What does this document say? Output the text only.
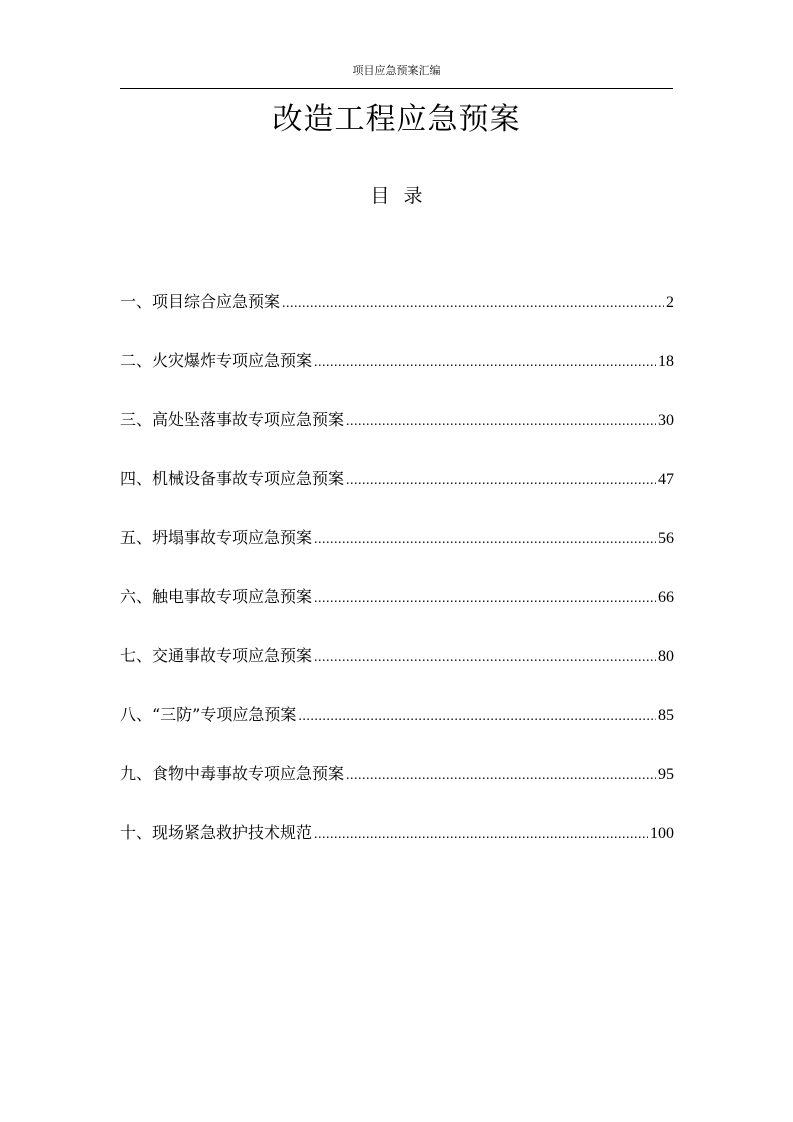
项目应急预案汇编
改造工程应急预案
目录
一、项目综合应急预案 .....	2
二、火灾爆炸专项应急预案 .....	18
三、高处坠落事故专项应急预案 .....	30
四、机械设备事故专项应急预案 .....	47
五、坍塌事故专项应急预案 .....	56
六、触电事故专项应急预案 .....	66
七、交通事故专项应急预案 .....	80
八、“三防”专项应急预案 .....	85
九、食物中毒事故专项应急预案 .....	95
十、现场紧急救护技术规范 .....	100
